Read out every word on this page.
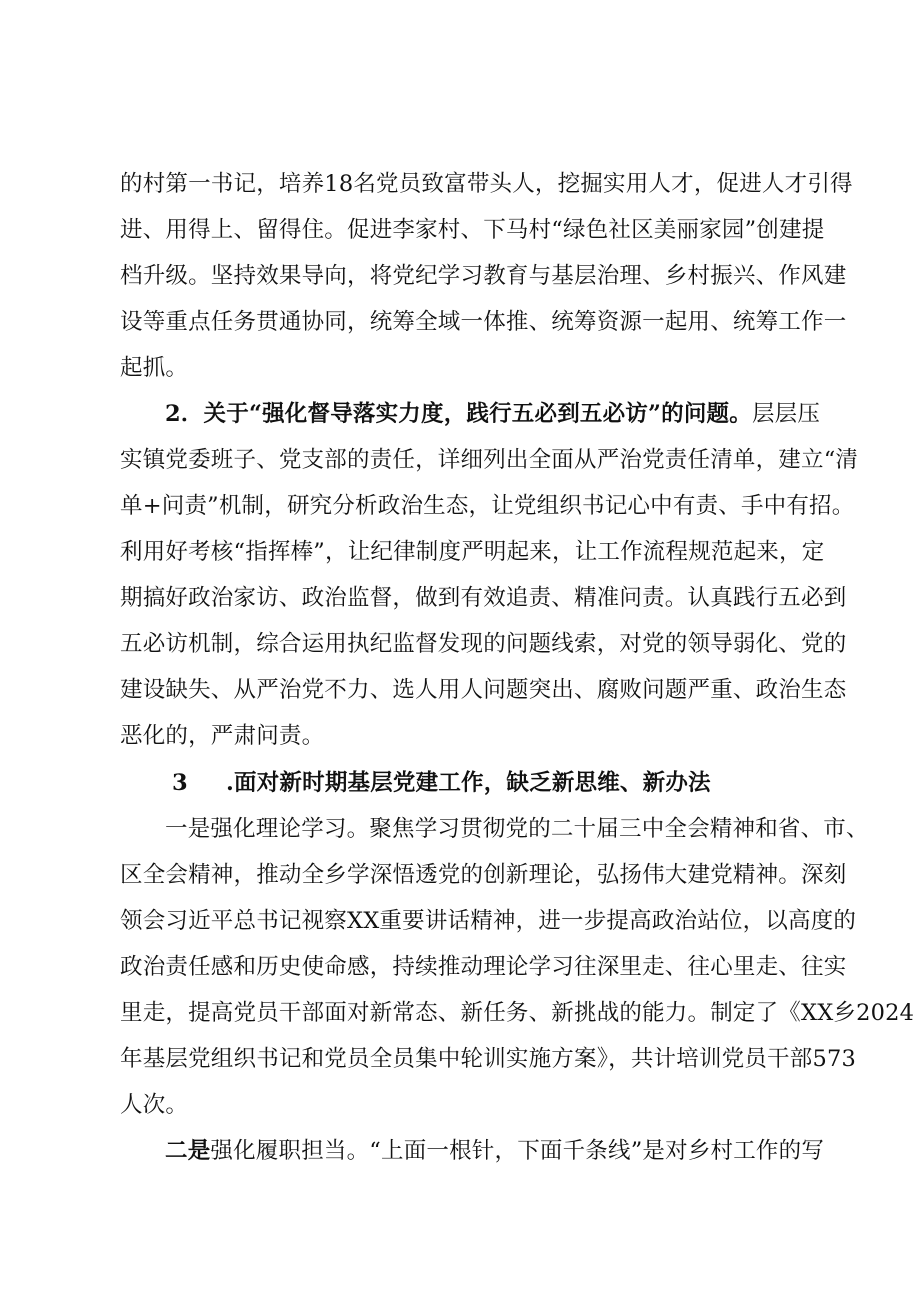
的村第一书记，培养18名党员致富带头人，挖掘实用人才，促进人才引得
进、用得上、留得住。促进李家村、下马村“绿色社区美丽家园”创建提
档升级。坚持效果导向，将党纪学习教育与基层治理、乡村振兴、作风建
设等重点任务贯通协同，统筹全域一体推、统筹资源一起用、统筹工作一
起抓。
2．关于“强化督导落实力度，践行五必到五必访”的问题。层层压
实镇党委班子、党支部的责任，详细列出全面从严治党责任清单，建立“清
单+问责”机制，研究分析政治生态，让党组织书记心中有责、手中有招。
利用好考核“指挥棒”，让纪律制度严明起来，让工作流程规范起来，定
期搞好政治家访、政治监督，做到有效追责、精准问责。认真践行五必到
五必访机制，综合运用执纪监督发现的问题线索，对党的领导弱化、党的
建设缺失、从严治党不力、选人用人问题突出、腐败问题严重、政治生态
恶化的，严肃问责。
3	.面对新时期基层党建工作，缺乏新思维、新办法
一是强化理论学习。聚焦学习贯彻党的二十届三中全会精神和省、市、
区全会精神，推动全乡学深悟透党的创新理论，弘扬伟大建党精神。深刻
领会习近平总书记视察XX重要讲话精神，进一步提高政治站位，以高度的
政治责任感和历史使命感，持续推动理论学习往深里走、往心里走、往实
里走，提高党员干部面对新常态、新任务、新挑战的能力。制定了《XX乡2024
年基层党组织书记和党员全员集中轮训实施方案》，共计培训党员干部573
人次。
二是强化履职担当。“上面一根针，下面千条线”是对乡村工作的写
